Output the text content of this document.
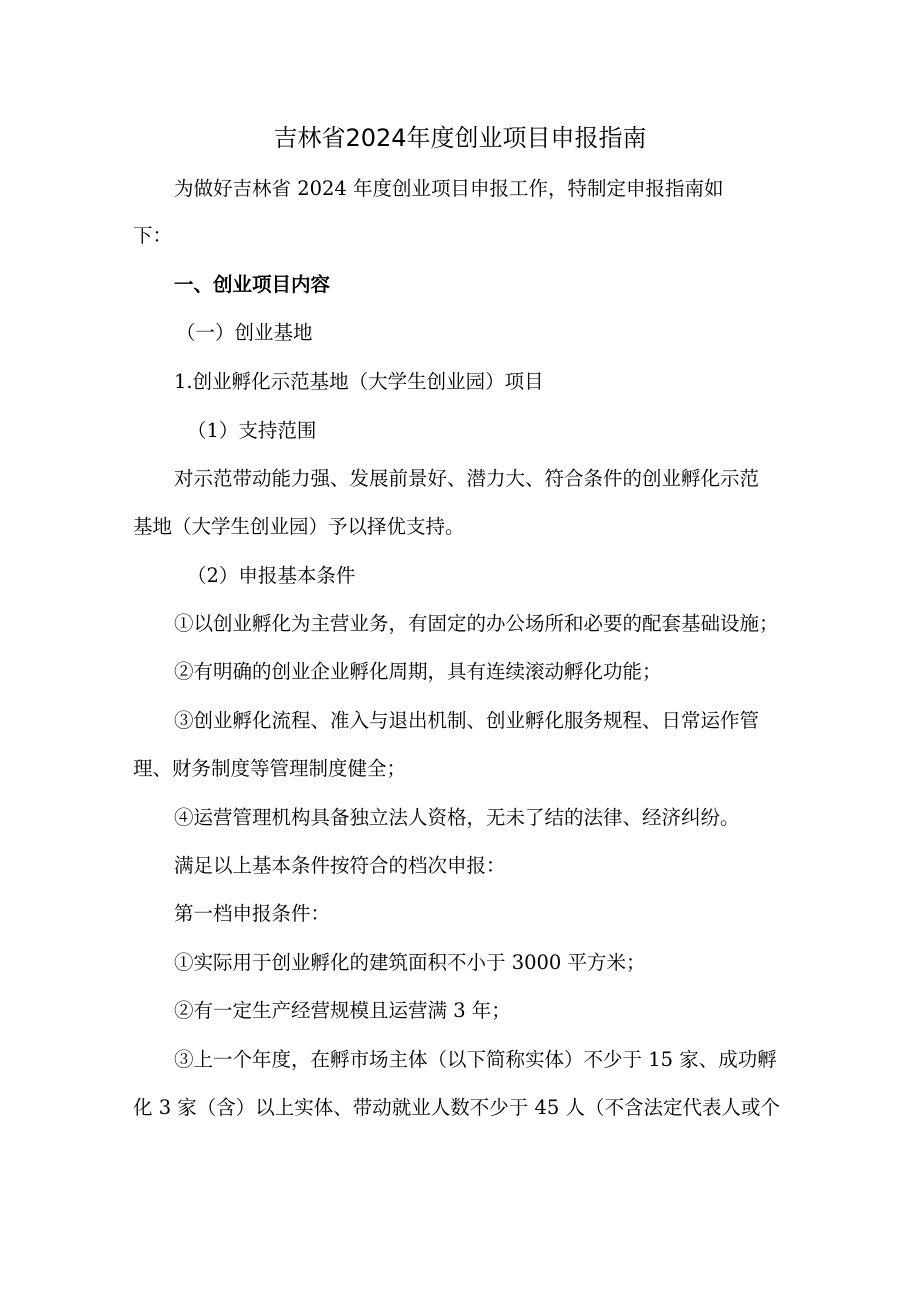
吉林省2024年度创业项目申报指南
为做好吉林省 2024 年度创业项目申报工作，特制定申报指南如
下：
一、创业项目内容
（一）创业基地
1.创业孵化示范基地（大学生创业园）项目
（1）支持范围
对示范带动能力强、发展前景好、潜力大、符合条件的创业孵化示范
基地（大学生创业园）予以择优支持。
（2）申报基本条件
①以创业孵化为主营业务，有固定的办公场所和必要的配套基础设施；
②有明确的创业企业孵化周期，具有连续滚动孵化功能；
③创业孵化流程、准入与退出机制、创业孵化服务规程、日常运作管
理、财务制度等管理制度健全；
④运营管理机构具备独立法人资格，无未了结的法律、经济纠纷。
满足以上基本条件按符合的档次申报：
第一档申报条件：
①实际用于创业孵化的建筑面积不小于 3000 平方米；
②有一定生产经营规模且运营满 3 年；
③上一个年度，在孵市场主体（以下简称实体）不少于 15 家、成功孵
化 3 家（含）以上实体、带动就业人数不少于 45 人（不含法定代表人或个
